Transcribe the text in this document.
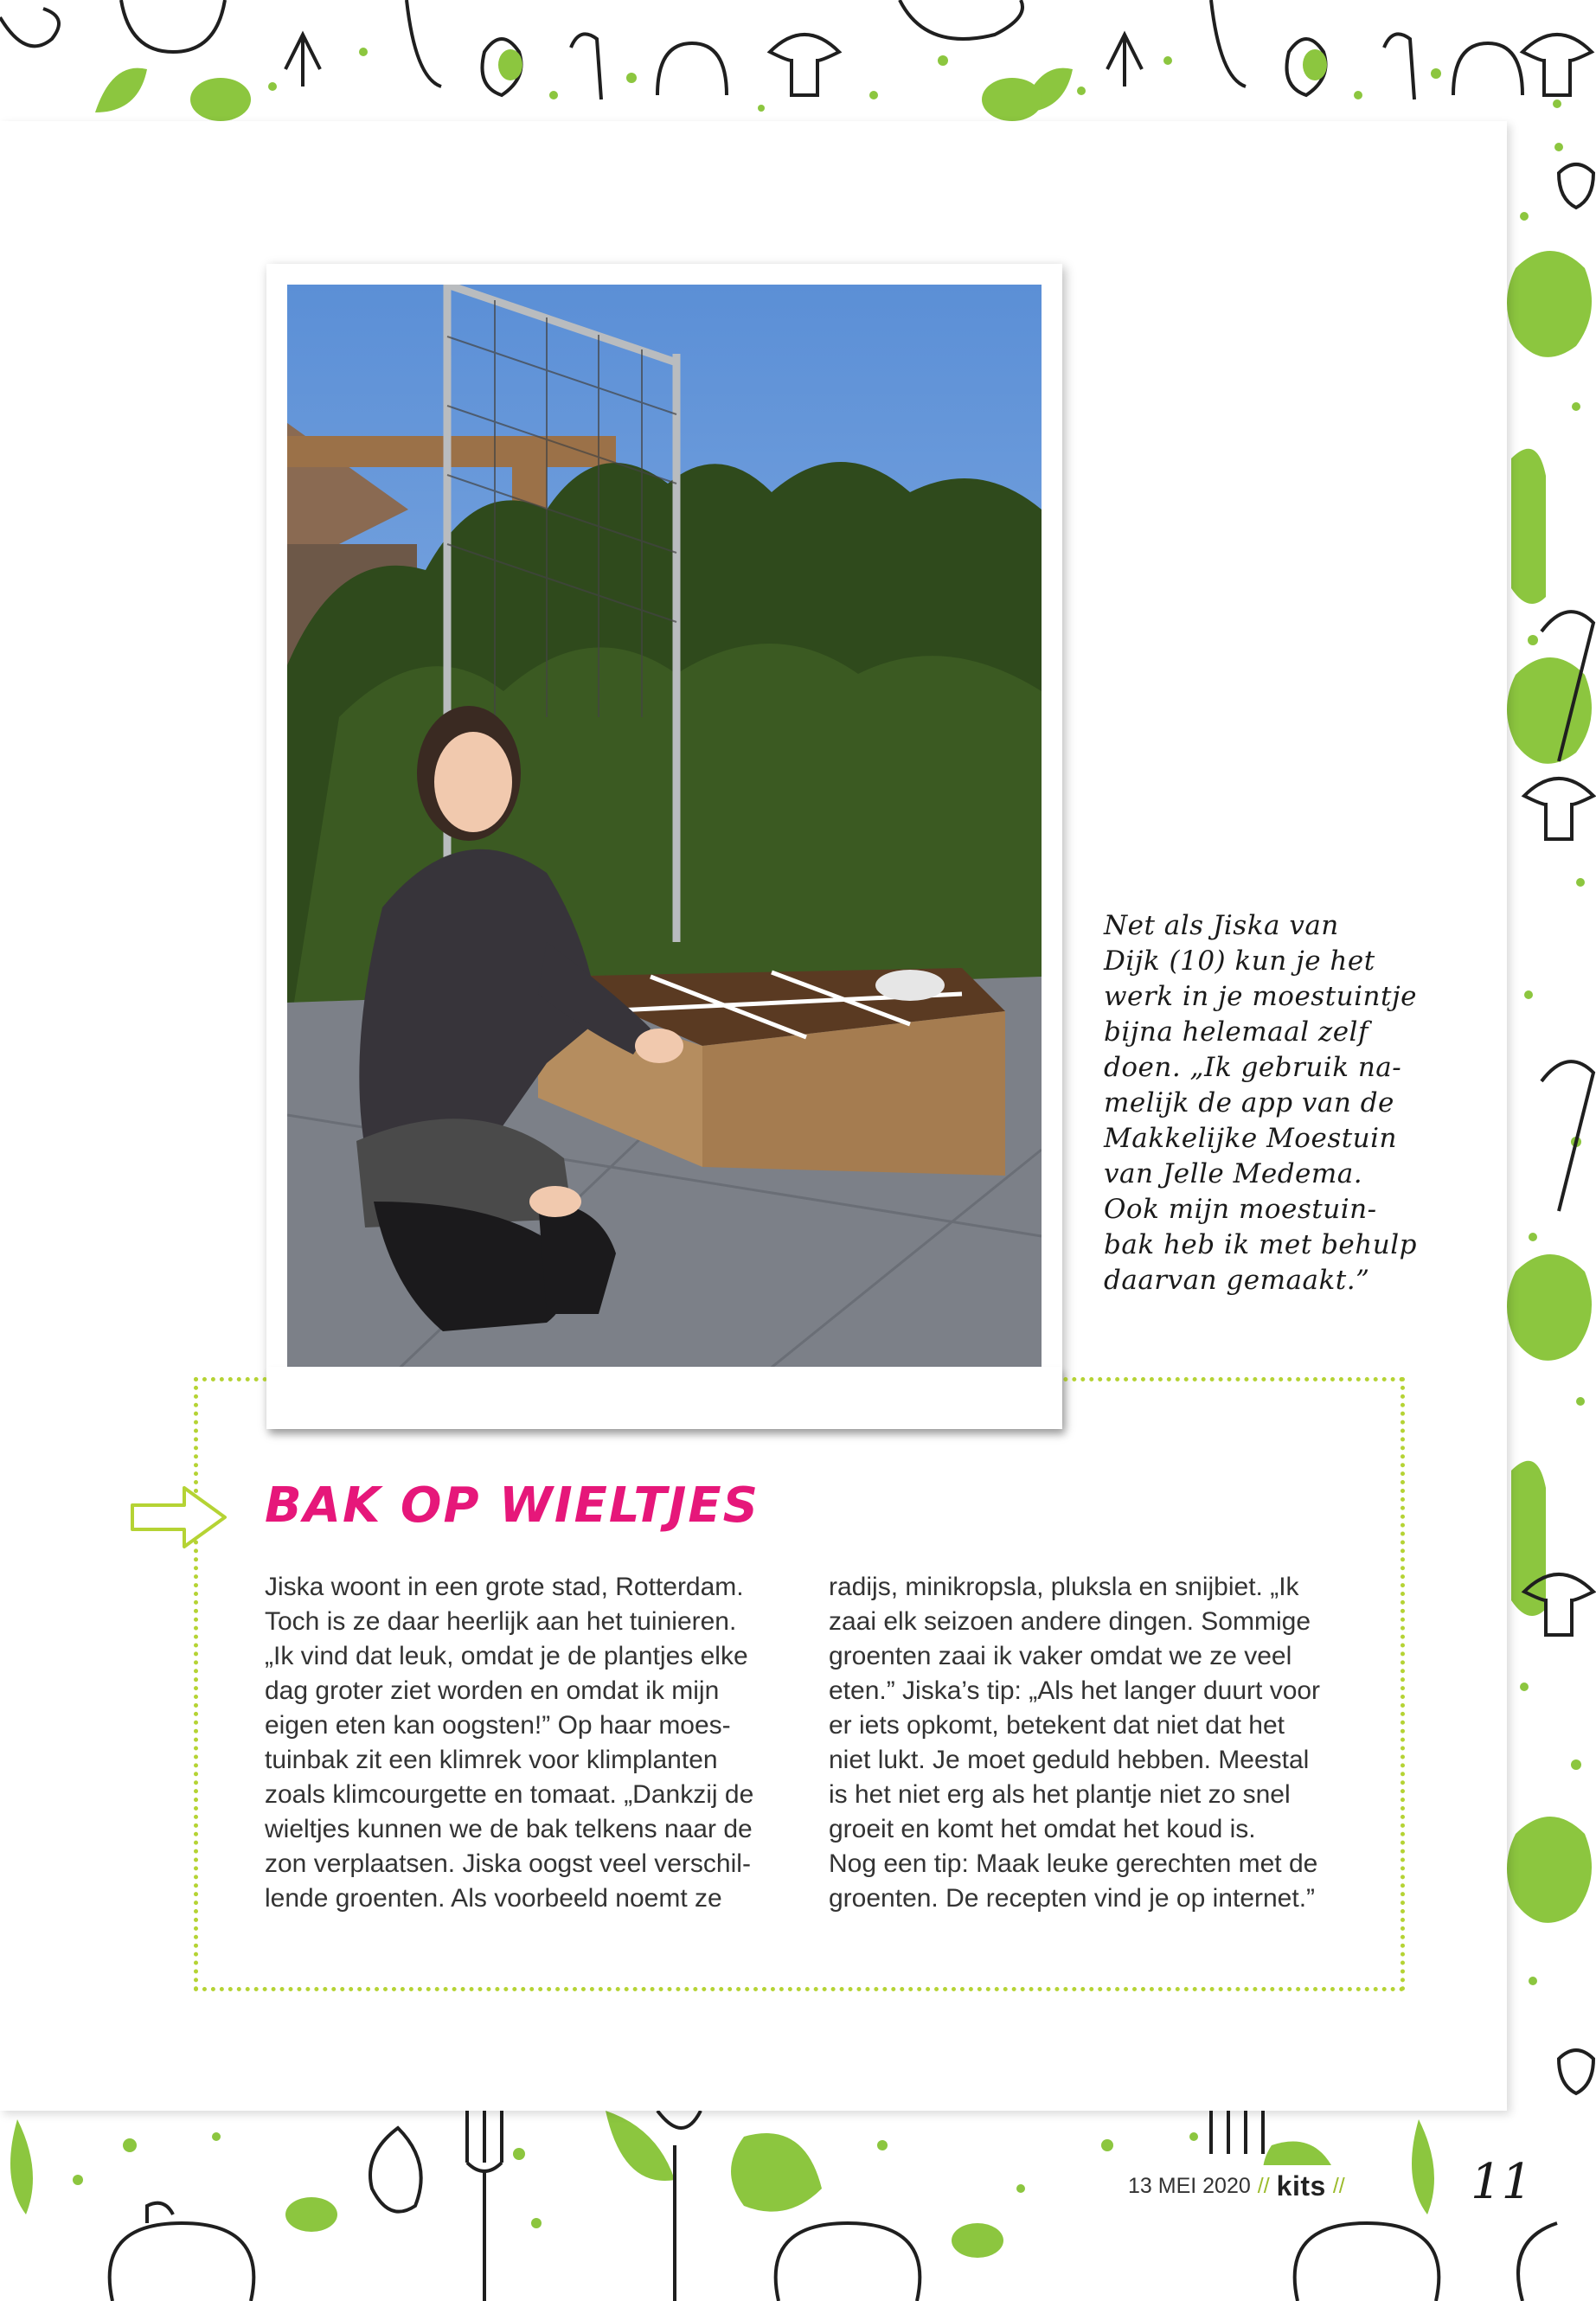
Net als Jiska van
Dijk (10) kun je het
werk in je moestuintje
bijna helemaal zelf
doen. „Ik gebruik na-
melijk de app van de
Makkelijke Moestuin
van Jelle Medema.
Ook mijn moestuin-
bak heb ik met behulp
daarvan gemaakt.”
BAK OP WIELTJES

Jiska woont in een grote stad, Rotterdam.

Toch is ze daar heerlijk aan het tuinieren.

„Ik vind dat leuk, omdat je de plantjes elke

dag groter ziet worden en omdat ik mijn

eigen eten kan oogsten!” Op haar moes-

tuinbak zit een klimrek voor klimplanten

zoals klimcourgette en tomaat. „Dankzij de

wieltjes kunnen we de bak telkens naar de

zon verplaatsen. Jiska oogst veel verschil-

lende groenten. Als voorbeeld noemt ze

radijs, minikropsla, pluksla en snijbiet. „Ik

zaai elk seizoen andere dingen. Sommige

groenten zaai ik vaker omdat we ze veel

eten.” Jiska’s tip: „Als het langer duurt voor

er iets opkomt, betekent dat niet dat het

niet lukt. Je moet geduld hebben. Meestal

is het niet erg als het plantje niet zo snel

groeit en komt het omdat het koud is.

Nog een tip: Maak leuke gerechten met de

groenten. De recepten vind je op internet.”

13 MEI 2020 // kits //	11
